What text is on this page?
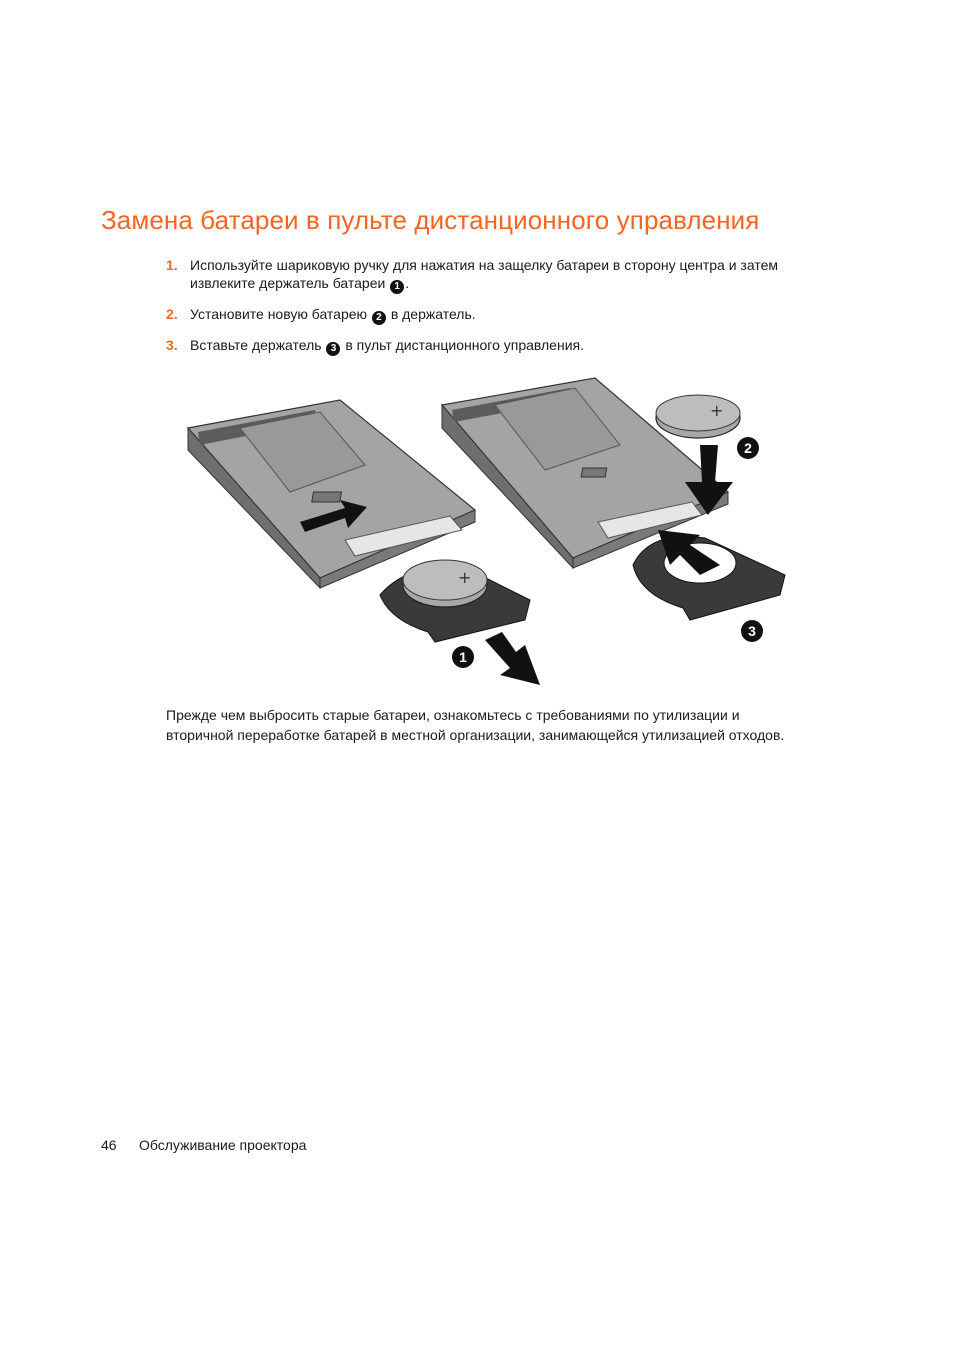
Замена батареи в пульте дистанционного управления
1. Используйте шариковую ручку для нажатия на защелку батареи в сторону центра и затем извлеките держатель батареи 1 .
2. Установите новую батарею 2 в держатель.
3. Вставьте держатель 3 в пульт дистанционного управления.
+
1
+
2
3

Прежде чем выбросить старые батареи, ознакомьтесь с требованиями по утилизации и вторичной переработке батарей в местной организации, занимающейся утилизацией отходов.

46 Обслуживание проектора
